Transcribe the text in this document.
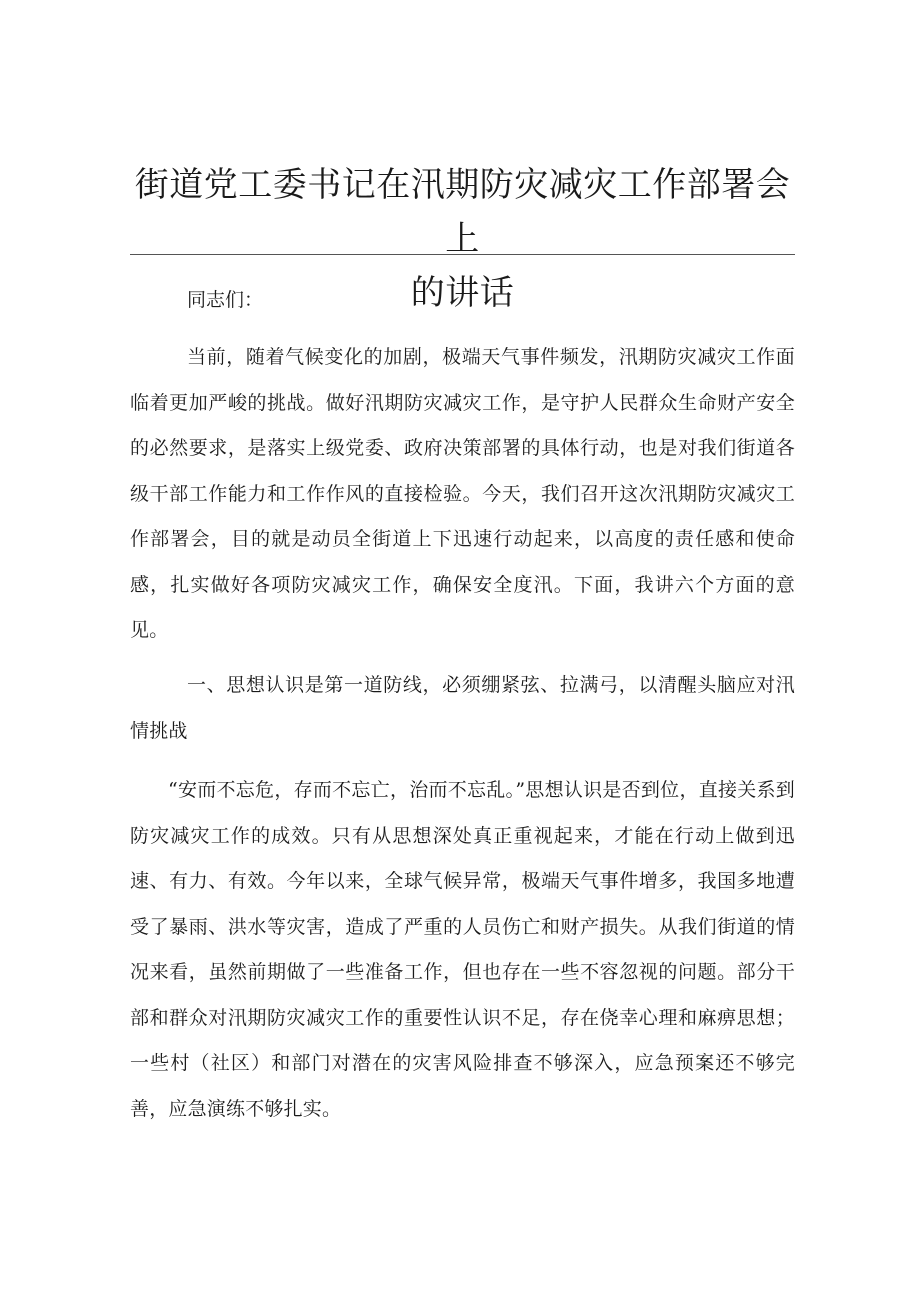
街道党工委书记在汛期防灾减灾工作部署会上
的讲话

同志们：

当前，随着气候变化的加剧，极端天气事件频发，汛期防灾减灾工作面临着更加严峻的挑战。做好汛期防灾减灾工作，是守护人民群众生命财产安全的必然要求，是落实上级党委、政府决策部署的具体行动，也是对我们街道各级干部工作能力和工作作风的直接检验。今天，我们召开这次汛期防灾减灾工作部署会，目的就是动员全街道上下迅速行动起来，以高度的责任感和使命感，扎实做好各项防灾减灾工作，确保安全度汛。下面，我讲六个方面的意见。

一、思想认识是第一道防线，必须绷紧弦、拉满弓，以清醒头脑应对汛情挑战

“安而不忘危，存而不忘亡，治而不忘乱。”思想认识是否到位，直接关系到防灾减灾工作的成效。只有从思想深处真正重视起来，才能在行动上做到迅速、有力、有效。今年以来，全球气候异常，极端天气事件增多，我国多地遭受了暴雨、洪水等灾害，造成了严重的人员伤亡和财产损失。从我们街道的情况来看，虽然前期做了一些准备工作，但也存在一些不容忽视的问题。部分干部和群众对汛期防灾减灾工作的重要性认识不足，存在侥幸心理和麻痹思想；一些村（社区）和部门对潜在的灾害风险排查不够深入，应急预案还不够完善，应急演练不够扎实。
